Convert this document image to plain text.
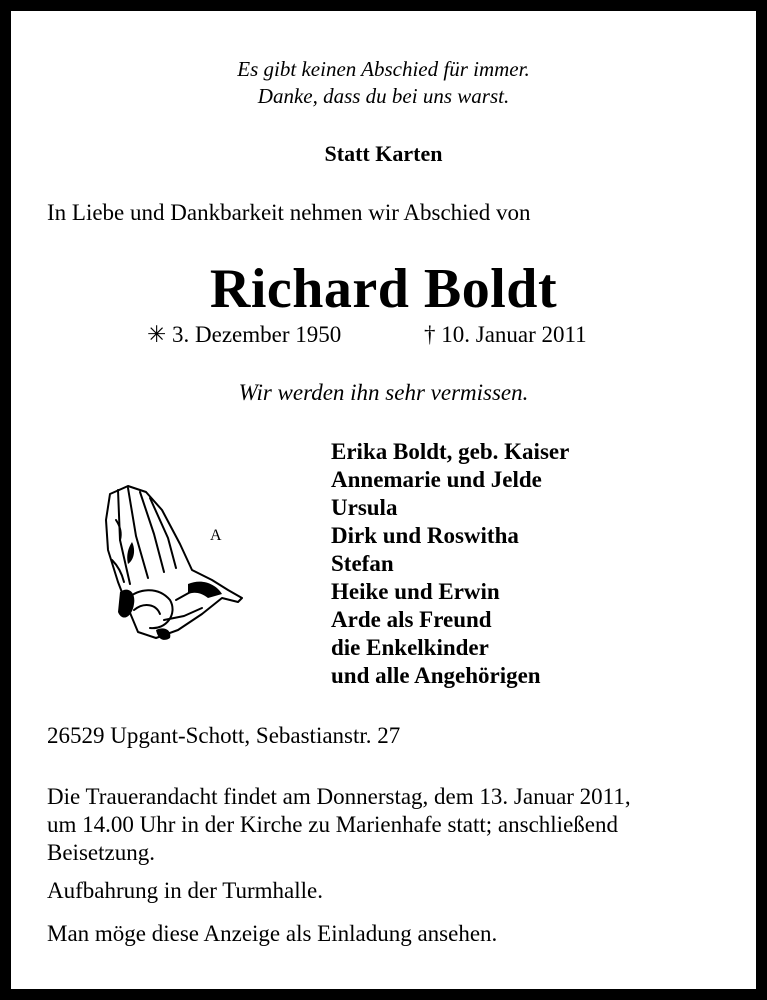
Es gibt keinen Abschied für immer.
Danke, dass du bei uns warst.
Statt Karten
In Liebe und Dankbarkeit nehmen wir Abschied von
Richard Boldt
✳ 3. Dezember 1950	† 10. Januar 2011
Wir werden ihn sehr vermissen.
A
Erika Boldt, geb. Kaiser
Annemarie und Jelde
Ursula
Dirk und Roswitha
Stefan
Heike und Erwin
Arde als Freund
die Enkelkinder
und alle Angehörigen
26529 Upgant-Schott, Sebastianstr. 27
Die Trauerandacht findet am Donnerstag, dem 13. Januar 2011,
um 14.00 Uhr in der Kirche zu Marienhafe statt; anschließend
Beisetzung.
Aufbahrung in der Turmhalle.
Man möge diese Anzeige als Einladung ansehen.
